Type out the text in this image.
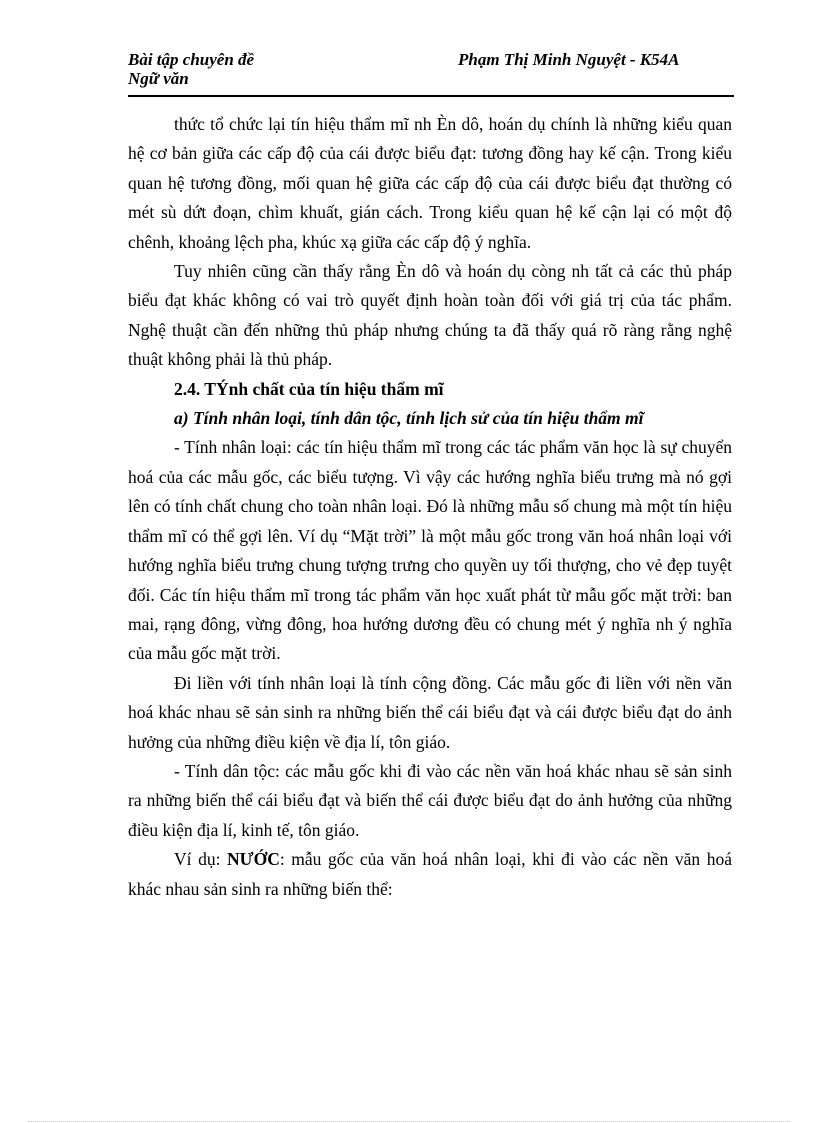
Bài tập chuyên đề
Ngữ văn
Phạm Thị Minh Nguyệt - K54A

thức tổ chức lại tín hiệu thẩm mĩ nh Èn dô, hoán dụ chính là những kiểu quan hệ cơ bản giữa các cấp độ của cái được biểu đạt: tương đồng hay kế cận. Trong kiểu quan hệ tương đồng, mối quan hệ giữa các cấp độ của cái được biểu đạt thường có mét sù dứt đoạn, chìm khuất, gián cách. Trong kiểu quan hệ kế cận lại có một độ chênh, khoảng lệch pha, khúc xạ giữa các cấp độ ý nghĩa.

Tuy nhiên cũng cần thấy rằng Èn dô và hoán dụ còng nh tất cả các thủ pháp biểu đạt khác không có vai trò quyết định hoàn toàn đối với giá trị của tác phẩm. Nghệ thuật cần đến những thủ pháp nhưng chúng ta đã thấy quá rõ ràng rằng nghệ thuật không phải là thủ pháp.

2.4. TÝnh chất của tín hiệu thẩm mĩ

a) Tính nhân loại, tính dân tộc, tính lịch sử của tín hiệu thẩm mĩ

- Tính nhân loại: các tín hiệu thẩm mĩ trong các tác phẩm văn học là sự chuyển hoá của các mẫu gốc, các biểu tượng. Vì vậy các hướng nghĩa biểu trưng mà nó gợi lên có tính chất chung cho toàn nhân loại. Đó là những mẫu số chung mà một tín hiệu thẩm mĩ có thể gợi lên. Ví dụ “Mặt trời” là một mẫu gốc trong văn hoá nhân loại với hướng nghĩa biểu trưng chung tượng trưng cho quyền uy tối thượng, cho vẻ đẹp tuyệt đối. Các tín hiệu thẩm mĩ trong tác phẩm văn học xuất phát từ mẫu gốc mặt trời: ban mai, rạng đông, vừng đông, hoa hướng dương đều có chung mét ý nghĩa nh ý nghĩa của mẫu gốc mặt trời.

Đi liền với tính nhân loại là tính cộng đồng. Các mẫu gốc đi liền với nền văn hoá khác nhau sẽ sản sinh ra những biến thể cái biểu đạt và cái được biểu đạt do ảnh hưởng của những điều kiện về địa lí, tôn giáo.

- Tính dân tộc: các mẫu gốc khi đi vào các nền văn hoá khác nhau sẽ sản sinh ra những biến thể cái biểu đạt và biến thể cái được biểu đạt do ảnh hưởng của những điều kiện địa lí, kinh tế, tôn giáo.

Ví dụ: NƯỚC: mẫu gốc của văn hoá nhân loại, khi đi vào các nền văn hoá khác nhau sản sinh ra những biến thể:
